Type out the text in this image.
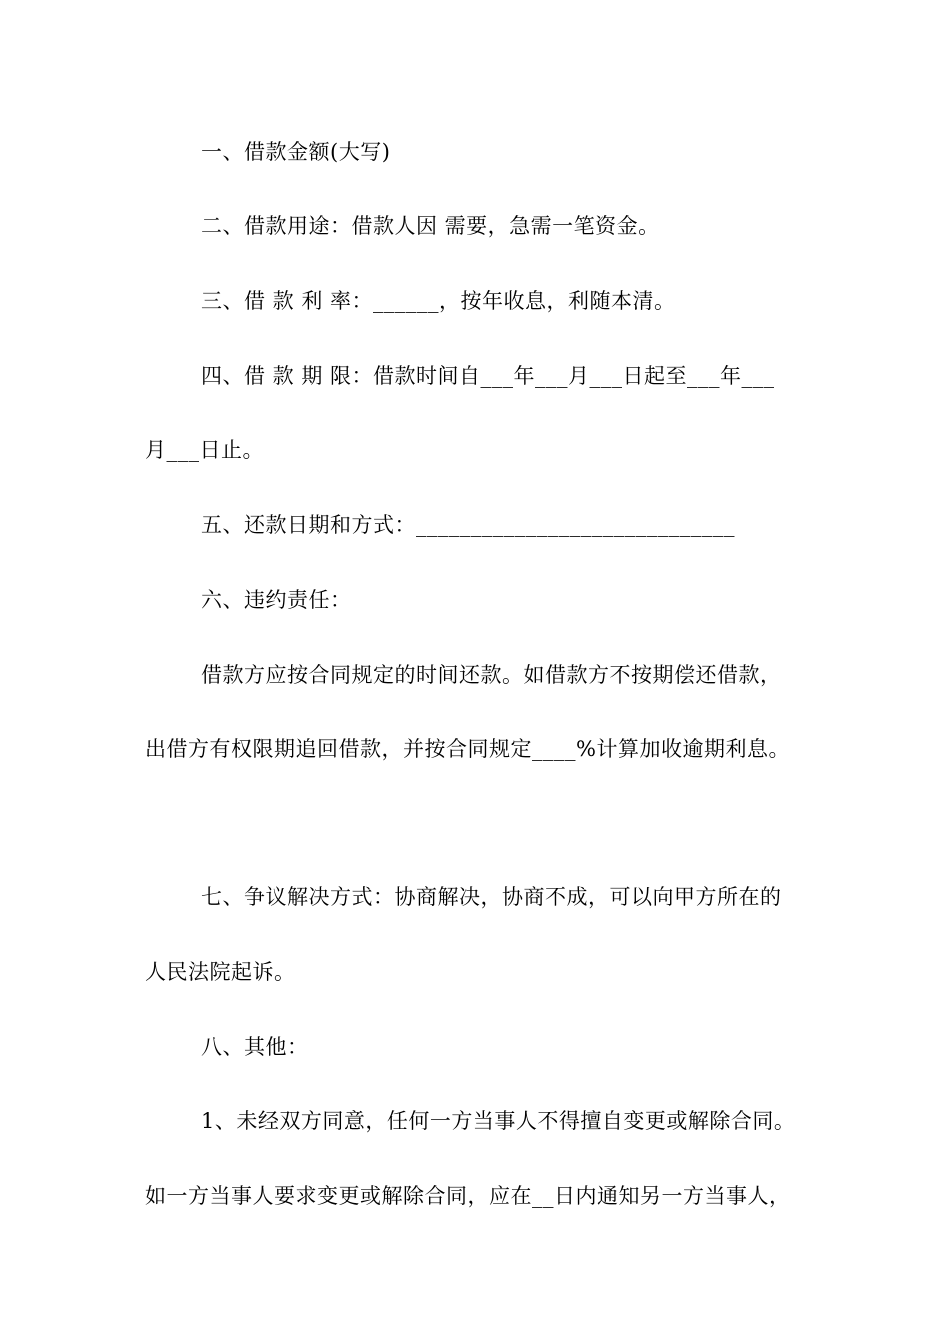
一、借款金额(大写)
二、借款用途：借款人因 需要，急需一笔资金。
三、借 款 利 率：______，按年收息，利随本清。
四、借 款 期 限：借款时间自___年___月___日起至___年___
月___日止。
五、还款日期和方式：_____________________________
六、违约责任：
借款方应按合同规定的时间还款。如借款方不按期偿还借款，
出借方有权限期追回借款，并按合同规定____%计算加收逾期利息。
七、争议解决方式：协商解决，协商不成，可以向甲方所在的
人民法院起诉。
八、其他：
1、未经双方同意，任何一方当事人不得擅自变更或解除合同。
如一方当事人要求变更或解除合同，应在__日内通知另一方当事人，
